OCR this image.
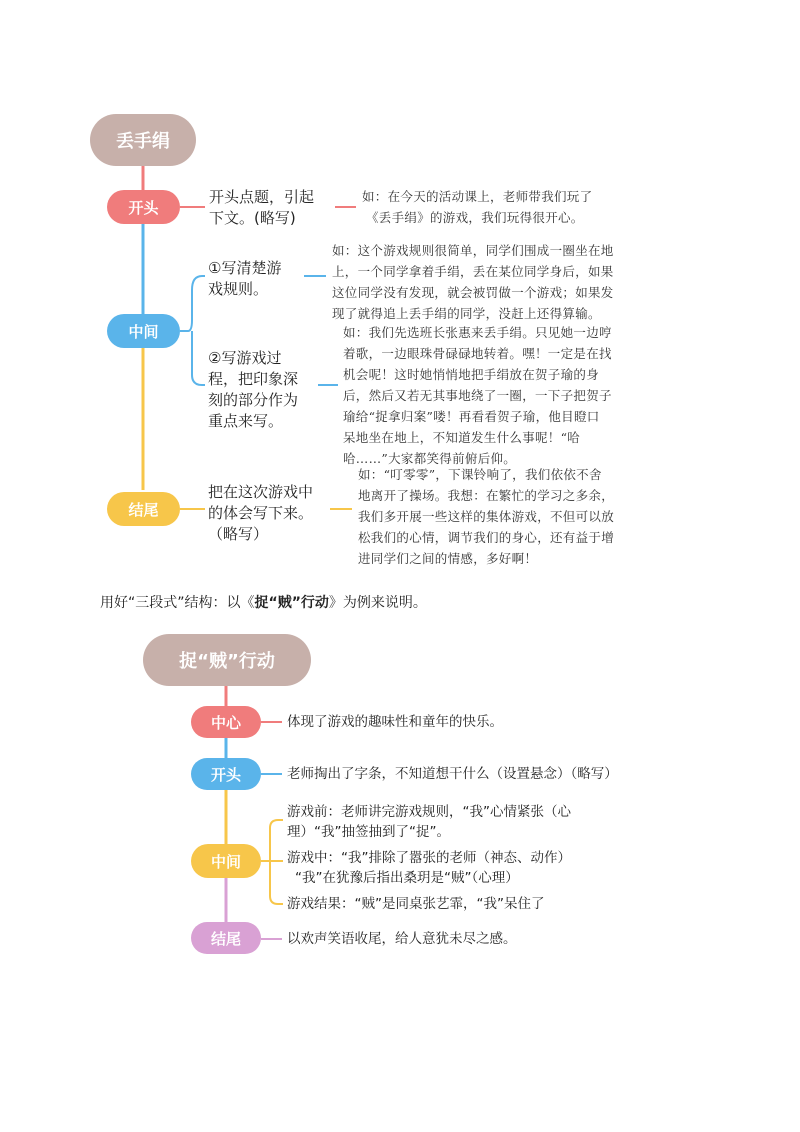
丢手绢
开头
中间
结尾
开头点题，引起
下文。(略写)
如：在今天的活动课上，老师带我们玩了
《丢手绢》的游戏，我们玩得很开心。
①写清楚游
戏规则。
如：这个游戏规则很简单，同学们围成一圈坐在地
上，一个同学拿着手绢，丢在某位同学身后，如果
这位同学没有发现，就会被罚做一个游戏；如果发
现了就得追上丢手绢的同学，没赶上还得算输。
②写游戏过
程，把印象深
刻的部分作为
重点来写。
如：我们先选班长张惠来丢手绢。只见她一边哼
着歌，一边眼珠骨碌碌地转着。嘿！一定是在找
机会呢！这时她悄悄地把手绢放在贺子瑜的身
后，然后又若无其事地绕了一圈，一下子把贺子
瑜给“捉拿归案”喽！再看看贺子瑜，他目瞪口
呆地坐在地上，不知道发生什么事呢！“哈
哈……”大家都笑得前俯后仰。
把在这次游戏中
的体会写下来。
（略写）
如：“叮零零”，下课铃响了，我们依依不舍
地离开了操场。我想：在繁忙的学习之多余，
我们多开展一些这样的集体游戏，不但可以放
松我们的心情，调节我们的身心，还有益于增
进同学们之间的情感，多好啊！
用好“三段式”结构：以《捉“贼”行动》为例来说明。
捉“贼”行动
中心
开头
中间
结尾
体现了游戏的趣味性和童年的快乐。
老师掏出了字条，不知道想干什么（设置悬念）（略写）
游戏前：老师讲完游戏规则，“我”心情紧张（心
理）“我”抽签抽到了“捉”。
游戏中：“我”排除了嚣张的老师（神态、动作）
“我”在犹豫后指出桑玥是“贼”（心理）
游戏结果：“贼”是同桌张艺霏，“我”呆住了
以欢声笑语收尾，给人意犹未尽之感。
